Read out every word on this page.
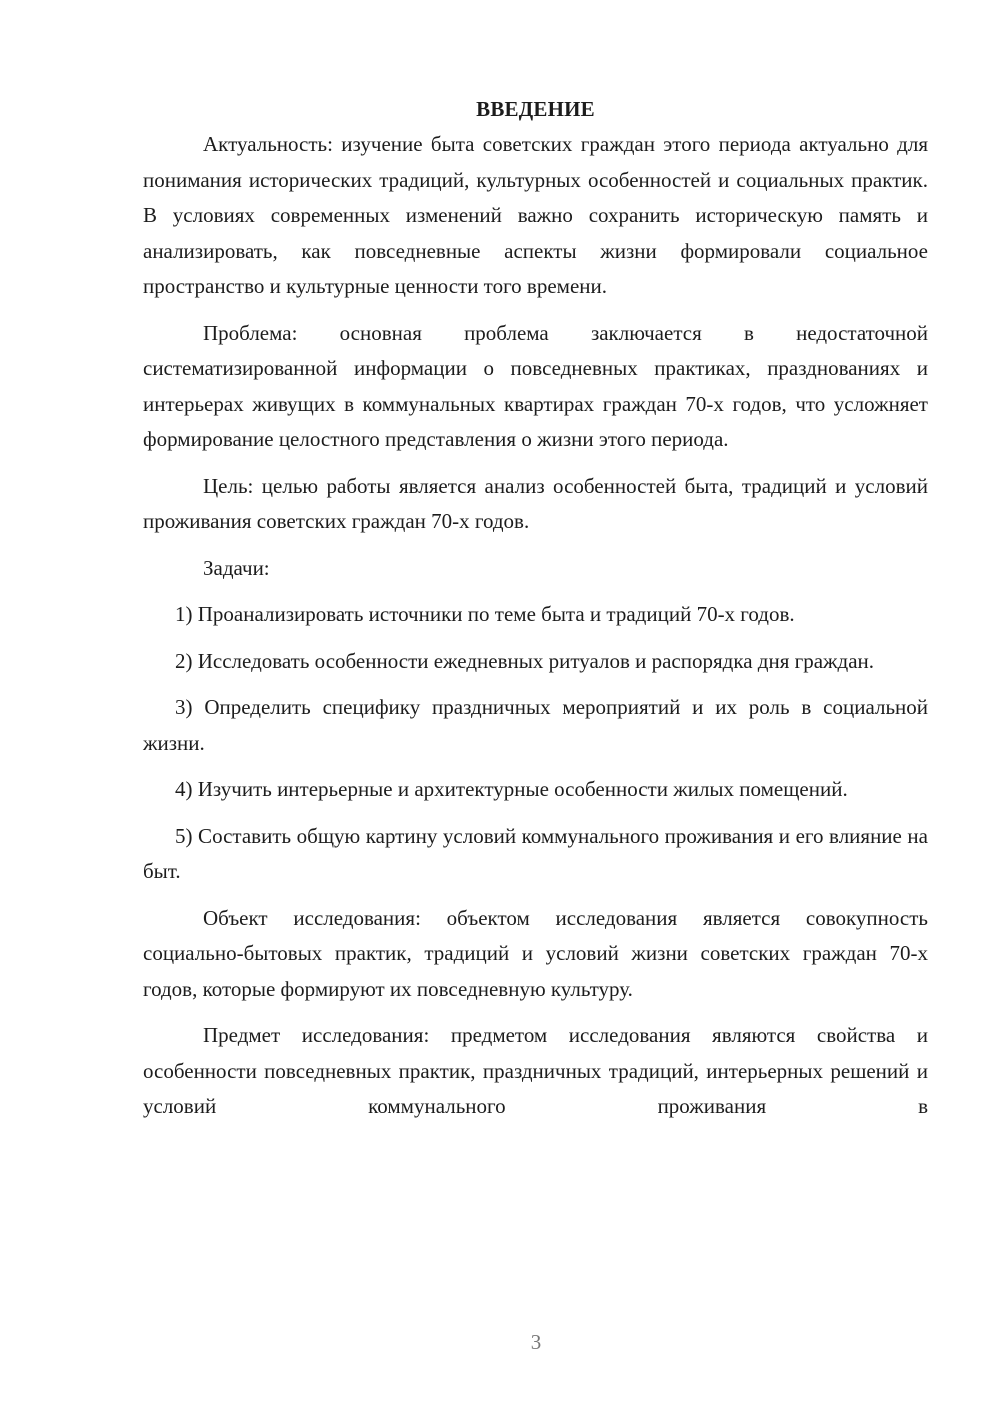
ВВЕДЕНИЕ

Актуальность: изучение быта советских граждан этого периода актуально для понимания исторических традиций, культурных особенностей и социальных практик. В условиях современных изменений важно сохранить историческую память и анализировать, как повседневные аспекты жизни формировали социальное пространство и культурные ценности того времени.

Проблема: основная проблема заключается в недостаточной систематизированной информации о повседневных практиках, празднованиях и интерьерах живущих в коммунальных квартирах граждан 70-х годов, что усложняет формирование целостного представления о жизни этого периода.

Цель: целью работы является анализ особенностей быта, традиций и условий проживания советских граждан 70-х годов.

Задачи:

1) Проанализировать источники по теме быта и традиций 70-х годов.

2) Исследовать особенности ежедневных ритуалов и распорядка дня граждан.

3) Определить специфику праздничных мероприятий и их роль в социальной жизни.

4) Изучить интерьерные и архитектурные особенности жилых помещений.

5) Составить общую картину условий коммунального проживания и его влияние на быт.

Объект исследования: объектом исследования является совокупность социально-бытовых практик, традиций и условий жизни советских граждан 70-х годов, которые формируют их повседневную культуру.

Предмет исследования: предметом исследования являются свойства и особенности повседневных практик, праздничных традиций, интерьерных решений и условий коммунального проживания в

3
